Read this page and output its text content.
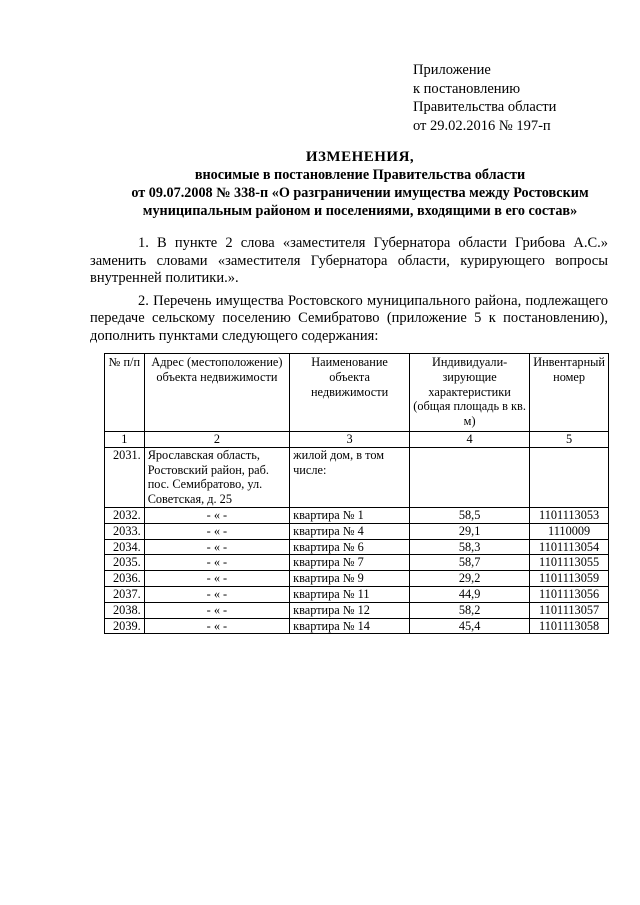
Приложение
к постановлению
Правительства области
от 29.02.2016 № 197-п
ИЗМЕНЕНИЯ,
вносимые в постановление Правительства области
от 09.07.2008 № 338-п «О разграничении имущества между Ростовским
муниципальным районом и поселениями, входящими в его состав»

1. В пункте 2 слова «заместителя Губернатора области Грибова А.С.» заменить словами «заместителя Губернатора области, курирующего вопросы внутренней политики.».

2. Перечень имущества Ростовского муниципального района, подлежащего передаче сельскому поселению Семибратово (приложение 5 к постановлению), дополнить пунктами следующего содержания:

№ п/п	Адрес (местоположение) объекта недвижимости	Наименование объекта недвижимости	Индивидуали-зирующие характеристики (общая площадь в кв. м)	Инвентарный номер
1	2	3	4	5
2031.	Ярославская область, Ростовский район, раб. пос. Семибратово, ул. Советская, д. 25	жилой дом, в том числе:		
2032.	- « -	квартира № 1	58,5	1101113053
2033.	- « -	квартира № 4	29,1	1110009
2034.	- « -	квартира № 6	58,3	1101113054
2035.	- « -	квартира № 7	58,7	1101113055
2036.	- « -	квартира № 9	29,2	1101113059
2037.	- « -	квартира № 11	44,9	1101113056
2038.	- « -	квартира № 12	58,2	1101113057
2039.	- « -	квартира № 14	45,4	1101113058
